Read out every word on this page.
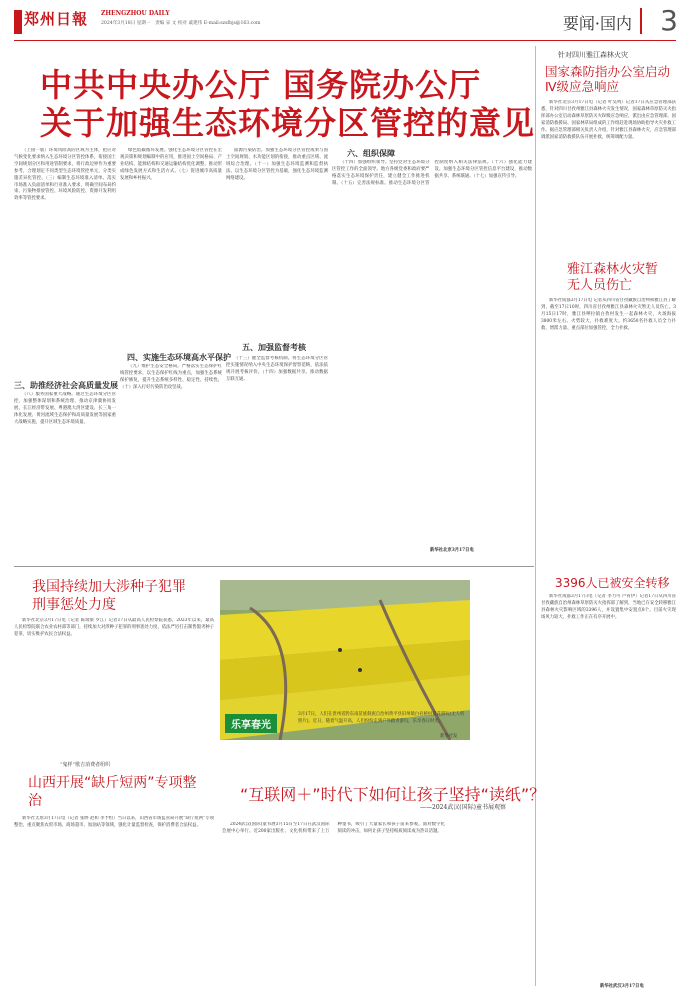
郑州日報 ZHENGZHOU DAILY
2024年3月18日 星期一　责编 宋 文 校对 戚建伟 E-mail:szsfbjs@163.com	要闻·国内 3
中共中央办公厅 国务院办公厅
关于加强生态环境分区管控的意见

（上接一版）环境风险高的区域为主体，把应对气候变化要求纳入生态环境分区管控体系，衔接国土空间规划分区和用途管制要求，将行政边界作为重要参考，合理划定不同类型生态环境管控单元，分类实施差异化管控。（三）编制生态环境准入清单。落实市场准入负面清单和行业准入要求，明确空间布局约束、污染物排放管控、环境风险防控、资源开发利用效率等管控要求。

三、助推经济社会高质量发展

（八）服务国家重大战略。通过生态环境分区管控，加强整体谋划和系统治理，推动京津冀协同发展、长江经济带发展、粤港澳大湾区建设、长三角一体化发展、黄河流域生态保护和高质量发展等国家重大战略实施，提升区域生态环境质量。

绿色低碳循环发展。强化生态环境分区管控在宏观决策和规划编制中的应用，推进国土空间格局、产业结构、能源结构和交通运输结构优化调整，推动形成绿色发展方式和生活方式。（七）促进城市高质量发展和乡村振兴。

四、实施生态环境高水平保护

（九）维护生态安全格局。严格落实生态保护红线管控要求，以生态保护红线为重点，加强生态系统保护修复，提升生态系统多样性、稳定性、持续性。（十）深入打好污染防治攻坚战。

面源污染防治。加强生态环境分区管控成果与国土空间规划、水功能区划的衔接，推动重点区域、流域综合治理。（十一）加强生态环境监测和监督执法。以生态环境分区管控为基础，强化生态环境监测网络建设。

五、加强监督考核

（十三）健全监督考核机制。将生态环境分区管控实施情况纳入中央生态环境保护督察范畴，依法依规开展考核评价。（十四）加强数据共享。推动数据互联互通。

六、组织保障

（十四）加强组织领导。坚持党对生态环境分区管控工作的全面领导。地方各级党委和政府要严格落实生态环境保护责任，建立健全工作推进机制。（十五）完善法规标准。推动生态环境分区管控制度纳入相关法律法规。（十六）强化能力建设。加强生态环境分区管控信息平台建设，推动数据共享、系统联通。（十七）加强宣传引导。

新华社北京3月17日电
针对四川雅江森林火灾
国家森防指办公室启动Ⅳ级应急响应

新华社北京3月17日电（记者 叶昊鸣）记者17日从应急管理部获悉，针对四川甘孜州雅江县森林火灾发生情况，国家森林草原防灭火指挥部办公室启动森林草原防灭火Ⅳ级应急响应，派出由应急管理部、国家消防救援局、国家林草局组成的工作组赶赴现场协助指导火灾扑救工作。据应急管理部相关负责人介绍，针对雅江县森林火灾，应急管理部调派国家消防救援队伍开展扑救，统筹调配力量。

雅江森林火灾暂无人员伤亡

新华社成都3月17日电 记者从四川省甘孜藏族自治州和雅江县了解到，截至17日10时，四川省甘孜州雅江县森林火灾暂无人员伤亡。3月15日17时，雅江县呷拉镇白孜村发生一起森林火灾，火场海拔3800米左右。火势较大，扑救难度大。约3650名扑救人员全力扑救，增派力量、重点部位加强管控，全力扑救。

3396人已被安全转移

新华社成都3月17日电（记者 李力可 卢宥伊）记者17日从四川省甘孜藏族自治州森林草原防灭火指挥部了解到，当地已在安全转移雅江县森林火灾影响区域的3396人，并设置集中安置点8个。目前火灾现场风力较大，扑救工作正在有序开展中。

我国持续加大涉种子犯罪刑事惩处力度

新华社北京3月17日电（记者 陈瑞梁 罗江）记者17日从最高人民检察院获悉，2023年以来，最高人民检察院联合农业农村部等部门，持续加大对涉种子犯罪的刑事惩处力度，依法严厉打击制售假劣种子犯罪，切实维护农民合法权益。

乐享春光
3月17日，人们在贵州省黔东南苗族侗族自治州黄平县旧州镇白岩桥村赏花游玩(无人机照片)。近日，随着气温升高，人们纷纷走到户外踏青游玩，乐享春日时光。
新华社发
“鬼样”歌吉消费者组织
山西开展“缺斤短两”专项整治

新华社太原3月17日电（记者 张晔 赵和 李予恒）当日以来，山西省市场监管局开展“缺斤短两”专项整治，重点聚焦农贸市场、商场超市、加油站等领域，强化计量监督检查，保护消费者合法权益。

“互联网＋”时代下如何让孩子坚持“读纸”？
——2024武汉(国际)童书展观察

2024武汉(国际)童书展3月15日至17日在武汉国际会展中心举行。近200家出版社、文化机构带来了上万种童书，吸引了大量家长和孩子前来参观。面对数字化阅读的冲击，如何让孩子坚持纸质阅读成为热议话题。

新华社武汉3月17日电
